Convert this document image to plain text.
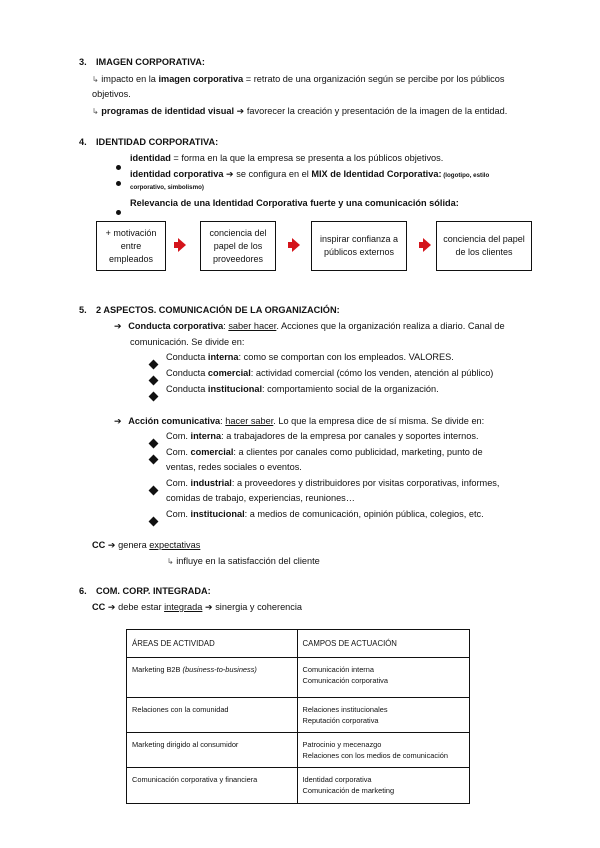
3. IMAGEN CORPORATIVA:
↳ impacto en la imagen corporativa = retrato de una organización según se percibe por los públicos
objetivos.
↳ programas de identidad visual ➔ favorecer la creación y presentación de la imagen de la entidad.
4. IDENTIDAD CORPORATIVA:
identidad = forma en la que la empresa se presenta a los públicos objetivos.
identidad corporativa ➔ se configura en el MIX de Identidad Corporativa: (logotipo, estilo
corporativo, simbolismo)
Relevancia de una Identidad Corporativa fuerte y una comunicación sólida:
+ motivación entre empleados
conciencia del papel de los proveedores
inspirar confianza a públicos externos
conciencia del papel de los clientes
5. 2 ASPECTOS. COMUNICACIÓN DE LA ORGANIZACIÓN:
➔ Conducta corporativa: saber hacer. Acciones que la organización realiza a diario. Canal de
comunicación. Se divide en:
Conducta interna: como se comportan con los empleados. VALORES.
Conducta comercial: actividad comercial (cómo los venden, atención al público)
Conducta institucional: comportamiento social de la organización.
➔ Acción comunicativa: hacer saber. Lo que la empresa dice de sí misma. Se divide en:
Com. interna: a trabajadores de la empresa por canales y soportes internos.
Com. comercial: a clientes por canales como publicidad, marketing, punto de
ventas, redes sociales o eventos.
Com. industrial: a proveedores y distribuidores por visitas corporativas, informes,
comidas de trabajo, experiencias, reuniones…
Com. institucional: a medios de comunicación, opinión pública, colegios, etc.
CC ➔ genera expectativas
↳ influye en la satisfacción del cliente
6. COM. CORP. INTEGRADA:
CC ➔ debe estar integrada ➔ sinergia y coherencia
ÁREAS DE ACTIVIDAD	CAMPOS DE ACTUACIÓN
Marketing B2B (business-to-business)	Comunicación interna
Comunicación corporativa

Relaciones con la comunidad	Relaciones institucionales
Reputación corporativa

Marketing dirigido al consumidor	Patrocinio y mecenazgo
Relaciones con los medios de comunicación

Comunicación corporativa y financiera	Identidad corporativa
Comunicación de marketing
